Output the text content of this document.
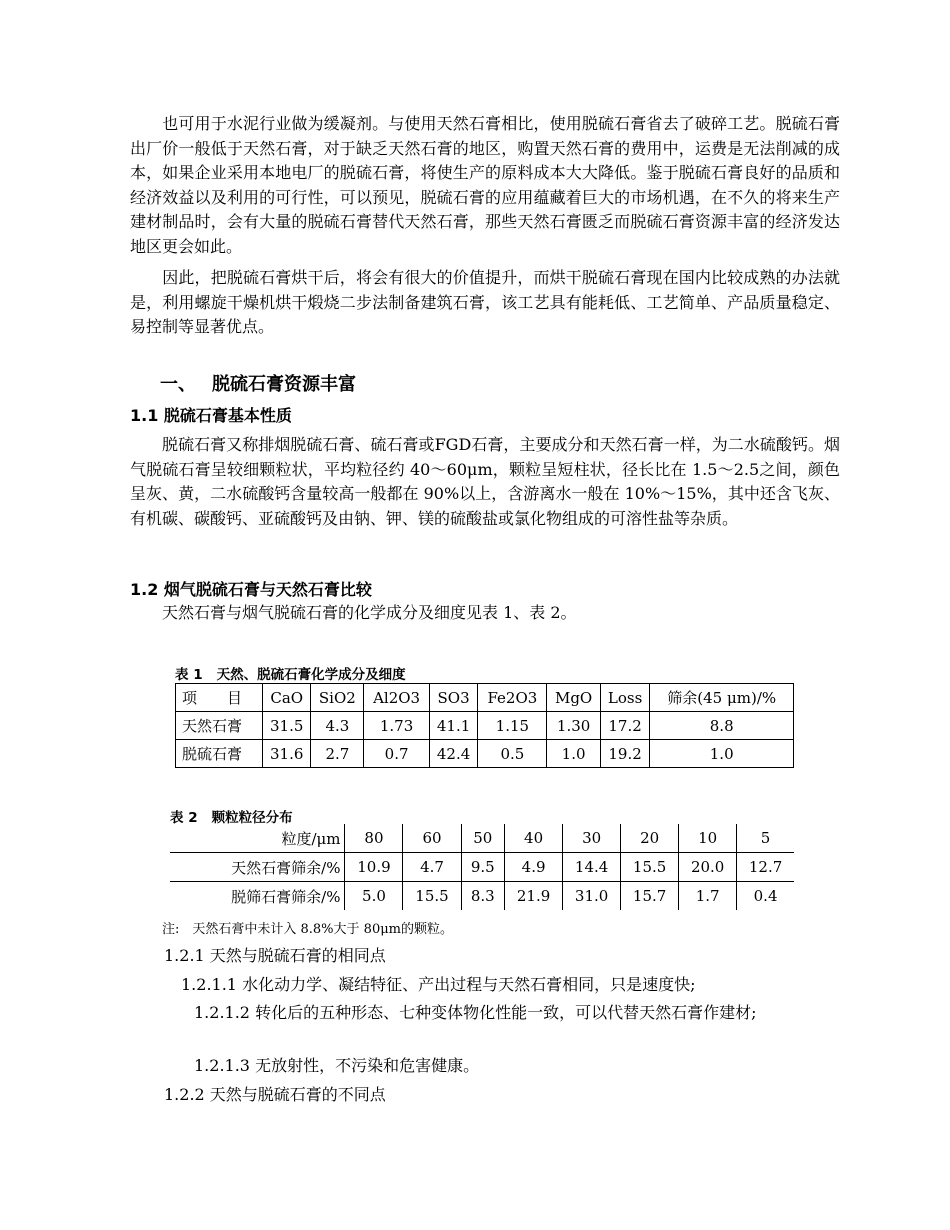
　　也可用于水泥行业做为缓凝剂。与使用天然石膏相比，使用脱硫石膏省去了破碎工艺。脱硫石膏出厂价一般低于天然石膏，对于缺乏天然石膏的地区，购置天然石膏的费用中，运费是无法削减的成本，如果企业采用本地电厂的脱硫石膏，将使生产的原料成本大大降低。鉴于脱硫石膏良好的品质和经济效益以及利用的可行性，可以预见，脱硫石膏的应用蕴藏着巨大的市场机遇，在不久的将来生产建材制品时，会有大量的脱硫石膏替代天然石膏，那些天然石膏匮乏而脱硫石膏资源丰富的经济发达地区更会如此。

　　因此，把脱硫石膏烘干后，将会有很大的价值提升，而烘干脱硫石膏现在国内比较成熟的办法就是，利用螺旋干燥机烘干煅烧二步法制备建筑石膏，该工艺具有能耗低、工艺简单、产品质量稳定、易控制等显著优点。

一、 脱硫石膏资源丰富
1.1 脱硫石膏基本性质

　　脱硫石膏又称排烟脱硫石膏、硫石膏或FGD石膏，主要成分和天然石膏一样，为二水硫酸钙。烟气脱硫石膏呈较细颗粒状，平均粒径约 40～60μm，颗粒呈短柱状，径长比在 1.5～2.5之间，颜色呈灰、黄，二水硫酸钙含量较高一般都在 90%以上，含游离水一般在 10%～15%，其中还含飞灰、有机碳、碳酸钙、亚硫酸钙及由钠、钾、镁的硫酸盐或氯化物组成的可溶性盐等杂质。

1.2 烟气脱硫石膏与天然石膏比较

天然石膏与烟气脱硫石膏的化学成分及细度见表 1、表 2。

表 1 天然、脱硫石膏化学成分及细度
项　　目	CaO	SiO2	Al2O3	SO3	Fe2O3	MgO	Loss	筛余(45 μm)/%
天然石膏	31.5	4.3	1.73	41.1	1.15	1.30	17.2	8.8
脱硫石膏	31.6	2.7	0.7	42.4	0.5	1.0	19.2	1.0
表 2 颗粒粒径分布
粒度/μm	80	60	50	40	30	20	10	5
天然石膏筛余/%	10.9	4.7	9.5	4.9	14.4	15.5	20.0	12.7
脱筛石膏筛余/%	5.0	15.5	8.3	21.9	31.0	15.7	1.7	0.4
注:　天然石膏中未计入 8.8%大于 80μm的颗粒。

1.2.1 天然与脱硫石膏的相同点

1.2.1.1 水化动力学、凝结特征、产出过程与天然石膏相同，只是速度快;

1.2.1.2 转化后的五种形态、七种变体物化性能一致，可以代替天然石膏作建材;

1.2.1.3 无放射性，不污染和危害健康。

1.2.2 天然与脱硫石膏的不同点
